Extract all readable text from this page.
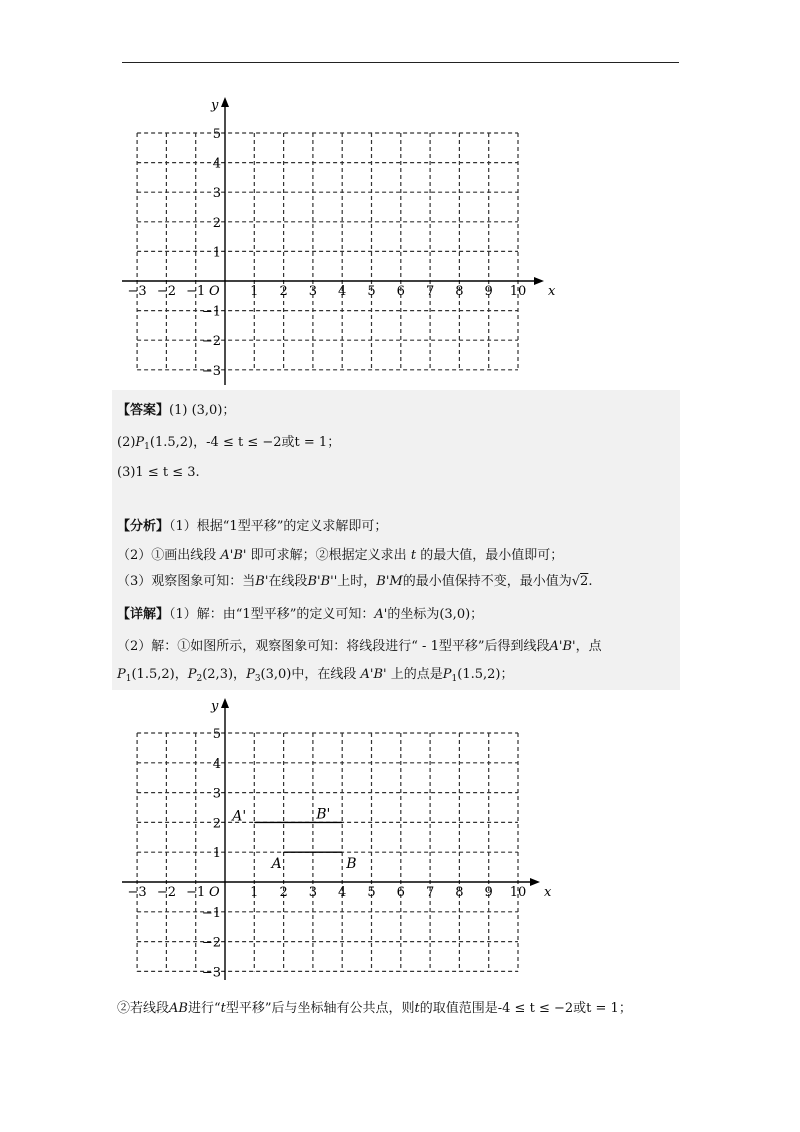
x
y
O
−3 −2 −1	1 2 3 4 5 6 7 8 9 10
5
4
3
2
1
−1
−2
−3
【答案】(1) (3,0)；
$(2)P_1(1.5,2)$，-4 ≤ t ≤ −2或t = 1；
(3)1 ≤ t ≤ 3.
【分析】（1）根据“1型平移”的定义求解即可；
（2）①画出线段 A'B' 即可求解；②根据定义求出 t 的最大值，最小值即可；
（3）观察图象可知：当B'在线段B'B''上时，B'M的最小值保持不变，最小值为√2.
【详解】（1）解：由“1型平移”的定义可知：A'的坐标为(3,0)；
（2）解：①如图所示，观察图象可知：将线段进行“ - 1型平移”后得到线段A'B'，点
$P_1(1.5,2)$，$P_2(2,3)$，$P_3(3,0)$中，在线段 A'B' 上的点是$P_1(1.5,2)$；
x
y
O
−3 −2 −1	1 2 3 4 5 6 7 8 9 10
5
4
3
2
1
−1
−2
−3
A	B
A'	B'
②若线段AB进行“t型平移”后与坐标轴有公共点，则t的取值范围是-4 ≤ t ≤ −2或t = 1；
